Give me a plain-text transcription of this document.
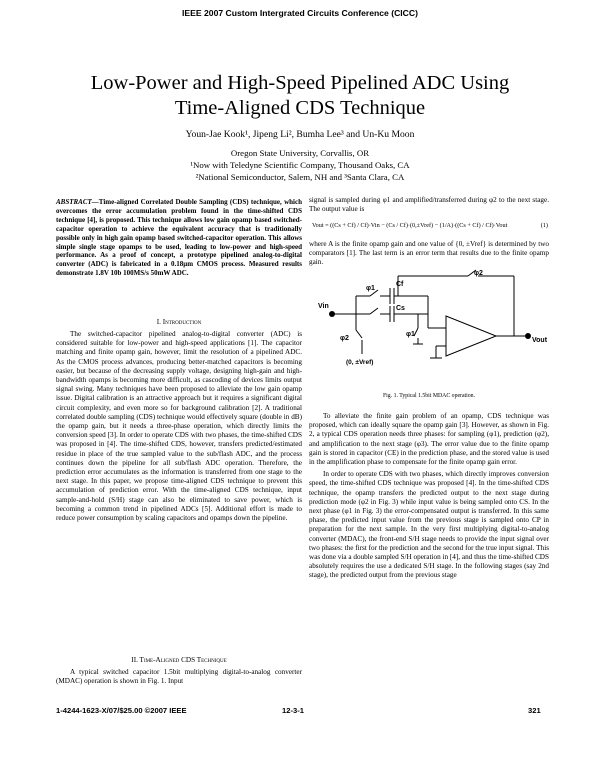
IEEE 2007 Custom Intergrated Circuits Conference (CICC)
Low-Power and High-Speed Pipelined ADC Using
Time-Aligned CDS Technique
Youn-Jae Kook¹, Jipeng Li², Bumha Lee³ and Un-Ku Moon
Oregon State University, Corvallis, OR
¹Now with Teledyne Scientific Company, Thousand Oaks, CA
²National Semiconductor, Salem, NH and ³Santa Clara, CA
ABSTRACT—Time-aligned Correlated Double Sampling (CDS) technique, which overcomes the error accumulation problem found in the time-shifted CDS technique [4], is proposed. This technique allows low gain opamp based switched-capacitor operation to achieve the equivalent accuracy that is traditionally possible only in high gain opamp based switched-capacitor operation. This allows simple single stage opamps to be used, leading to low-power and high-speed performance. As a proof of concept, a prototype pipelined analog-to-digital converter (ADC) is fabricated in a 0.18μm CMOS process. Measured results demonstrate 1.8V 10b 100MS/s 50mW ADC.
I. Introduction

The switched-capacitor pipelined analog-to-digital converter (ADC) is considered suitable for low-power and high-speed applications [1]. The capacitor matching and finite opamp gain, however, limit the resolution of a pipelined ADC. As the CMOS process advances, producing better-matched capacitors is becoming easier, but because of the decreasing supply voltage, designing high-gain and high-bandwidth opamps is becoming more difficult, as cascoding of devices limits output signal swing. Many techniques have been proposed to alleviate the low gain opamp issue. Digital calibration is an attractive approach but it requires a significant digital circuit complexity, and even more so for background calibration [2]. A traditional correlated double sampling (CDS) technique would effectively square (double in dB) the opamp gain, but it needs a three-phase operation, which directly limits the conversion speed [3]. In order to operate CDS with two phases, the time-shifted CDS was proposed in [4]. The time-shifted CDS, however, transfers predicted/estimated residue in place of the true sampled value to the sub/flash ADC, and the process continues down the pipeline for all sub/flash ADC operation. Therefore, the prediction error accumulates as the information is transferred from one stage to the next stage. In this paper, we propose time-aligned CDS technique to prevent this accumulation of prediction error. With the time-aligned CDS technique, input sample-and-hold (S/H) stage can also be eliminated to save power, which is becoming a common trend in pipelined ADCs [5]. Additional effort is made to reduce power consumption by scaling capacitors and opamps down the pipeline.

II. Time-Aligned CDS Technique

A typical switched capacitor 1.5bit multiplying digital-to-analog converter (MDAC) operation is shown in Fig. 1. Input

signal is sampled during φ1 and amplified/transferred during φ2 to the next stage. The output value is

Vout = ((Cs + Cf) / Cf)·Vin − (Cs / Cf)·(0,±Vref) − (1/A)·((Cs + Cf) / Cf)·Vout	(1)

where A is the finite opamp gain and one value of {0, ±Vref} is determined by two comparators [1]. The last term is an error term that results due to the finite opamp gain.

φ1
φ2
Cf
Cs
Vin
Vout
φ2
φ1
(0, ±Vref)
Fig. 1. Typical 1.5bit MDAC operation.

To alleviate the finite gain problem of an opamp, CDS technique was proposed, which can ideally square the opamp gain [3]. However, as shown in Fig. 2, a typical CDS operation needs three phases: for sampling (φ1), prediction (φ2), and amplification to the next stage (φ3). The error value due to the finite opamp gain is stored in capacitor (CE) in the prediction phase, and the stored value is used in the amplification phase to compensate for the finite opamp gain error.

In order to operate CDS with two phases, which directly improves conversion speed, the time-shifted CDS technique was proposed [4]. In the time-shifted CDS technique, the opamp transfers the predicted output to the next stage during prediction mode (φ2 in Fig. 3) while input value is being sampled onto CS. In the next phase (φ1 in Fig. 3) the error-compensated output is transferred. In this same phase, the predicted input value from the previous stage is sampled onto CP in preparation for the next sample. In the very first multiplying digital-to-analog converter (MDAC), the front-end S/H stage needs to provide the input signal over two phases: the first for the prediction and the second for the true input signal. This was done via a double sampled S/H operation in [4], and thus the time-shifted CDS absolutely requires the use a dedicated S/H stage. In the following stages (say 2nd stage), the predicted output from the previous stage

1-4244-1623-X/07/$25.00 ©2007 IEEE	12-3-1	321
